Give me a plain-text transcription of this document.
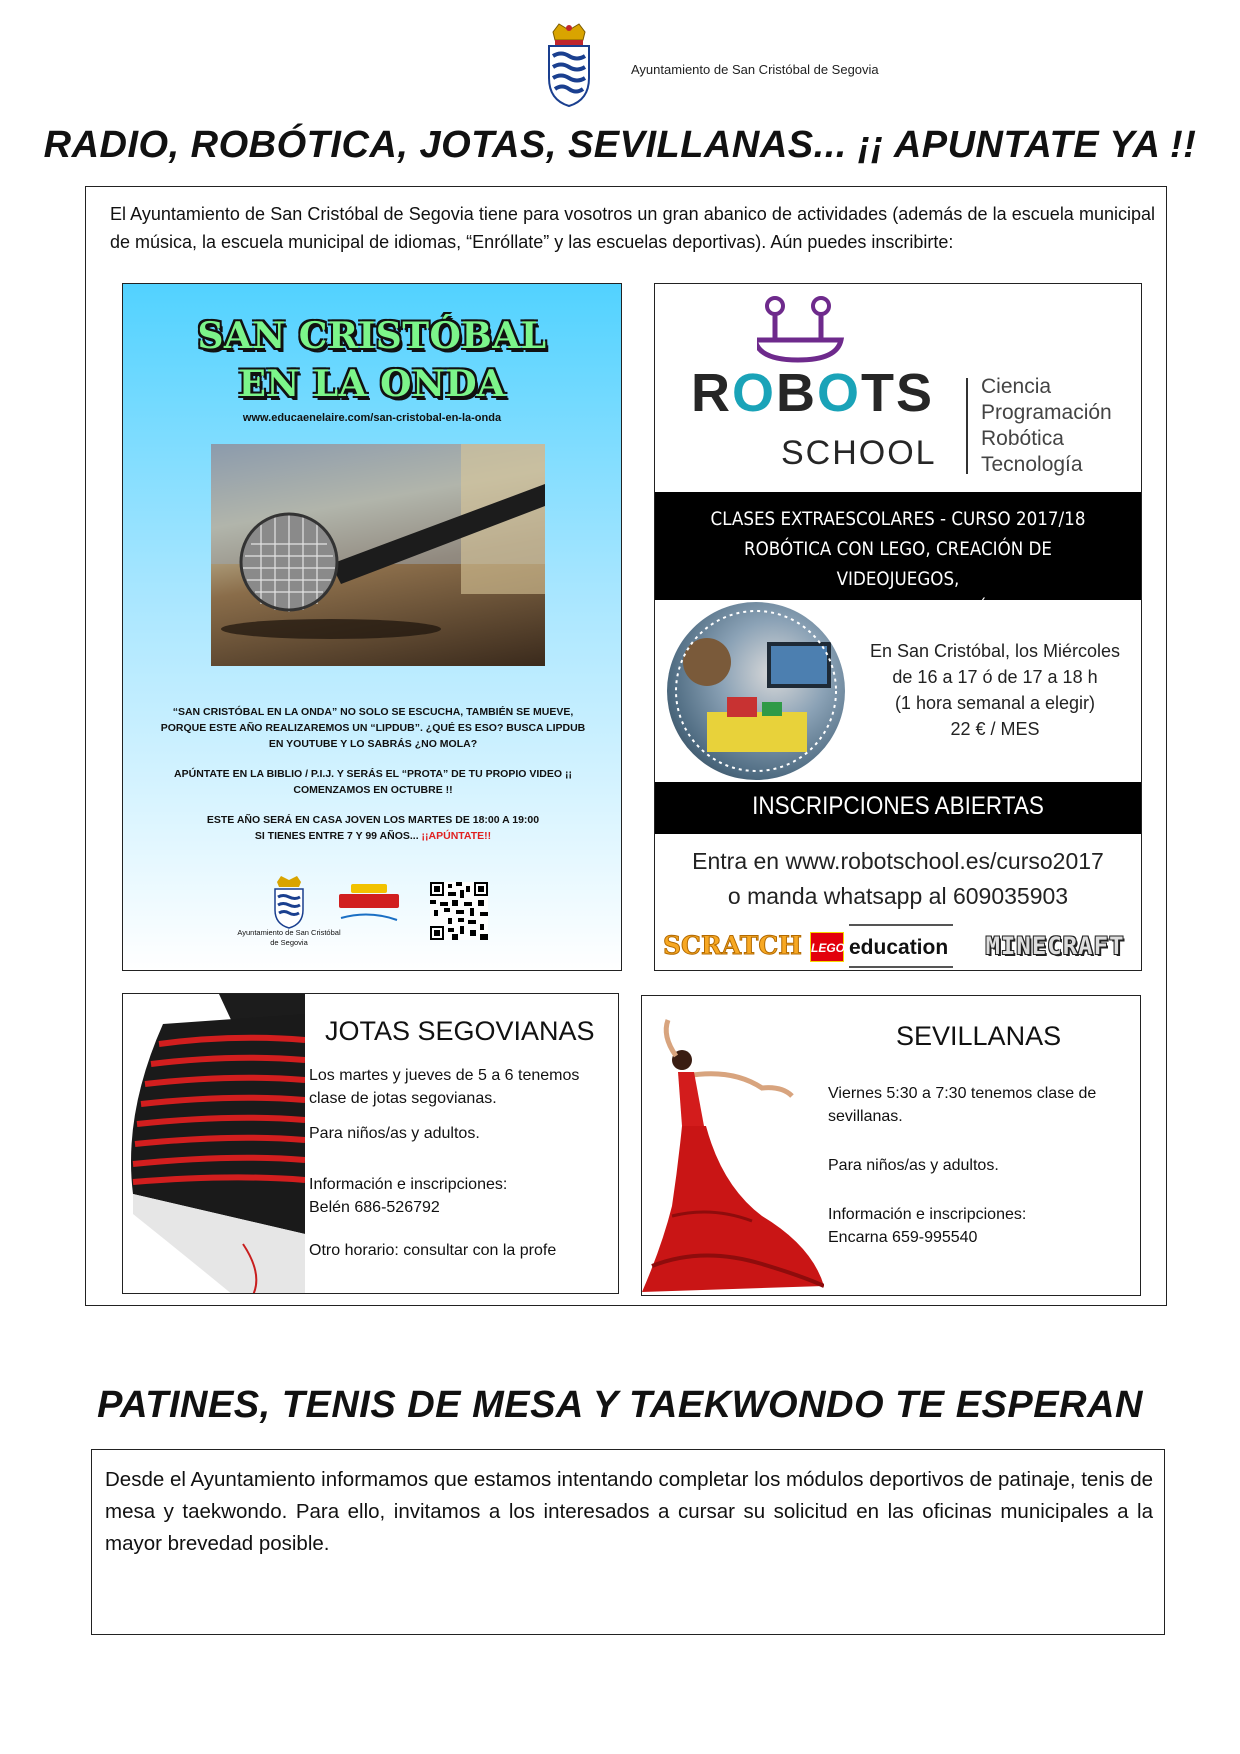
Ayuntamiento de San Cristóbal de Segovia
RADIO, ROBÓTICA, JOTAS, SEVILLANAS... ¡¡ APUNTATE YA !!
El Ayuntamiento de San Cristóbal de Segovia tiene para vosotros un gran abanico de actividades (además de la escuela municipal de música, la escuela municipal de idiomas, “Enróllate” y las escuelas deportivas). Aún puedes inscribirte:
SAN CRISTÓBAL
EN LA ONDA
www.educaenelaire.com/san-cristobal-en-la-onda

“SAN CRISTÓBAL EN LA ONDA” NO SOLO SE ESCUCHA, TAMBIÉN SE MUEVE, PORQUE ESTE AÑO REALIZAREMOS UN “LIPDUB”. ¿QUÉ ES ESO? BUSCA LIPDUB EN YOUTUBE Y LO SABRÁS ¿NO MOLA?

APÚNTATE EN LA BIBLIO / P.I.J. Y SERÁS EL “PROTA” DE TU PROPIO VIDEO ¡¡ COMENZAMOS EN OCTUBRE !!

ESTE AÑO SERÁ EN CASA JOVEN LOS MARTES DE 18:00 A 19:00
SI TIENES ENTRE 7 Y 99 AÑOS... ¡¡APÚNTATE!!

Ayuntamiento de San Cristóbal de Segovia
ROBOTS
SCHOOL
Ciencia
Programación
Robótica
Tecnología
CLASES EXTRAESCOLARES - CURSO 2017/18
ROBÓTICA CON LEGO, CREACIÓN DE VIDEOJUEGOS,
CIENCIA Y TECNOLOGÍA
En San Cristóbal, los Miércoles
de 16 a 17 ó de 17 a 18 h
(1 hora semanal a elegir)
22 € / MES
INSCRIPCIONES ABIERTAS
Entra en www.robotschool.es/curso2017
o manda whatsapp al 609035903
SCRATCH LEGO education	MINECRAFT
JOTAS SEGOVIANAS

Los martes y jueves de 5 a 6 tenemos clase de jotas segovianas.

Para niños/as y adultos.

Información e inscripciones:
Belén 686-526792

Otro horario: consultar con la profe

SEVILLANAS

Viernes 5:30 a 7:30 tenemos clase de sevillanas.

Para niños/as y adultos.

Información e inscripciones:
Encarna 659-995540

PATINES, TENIS DE MESA Y TAEKWONDO TE ESPERAN
Desde el Ayuntamiento informamos que estamos intentando completar los módulos deportivos de patinaje, tenis de mesa y taekwondo. Para ello, invitamos a los interesados a cursar su solicitud en las oficinas municipales a la mayor brevedad posible.
